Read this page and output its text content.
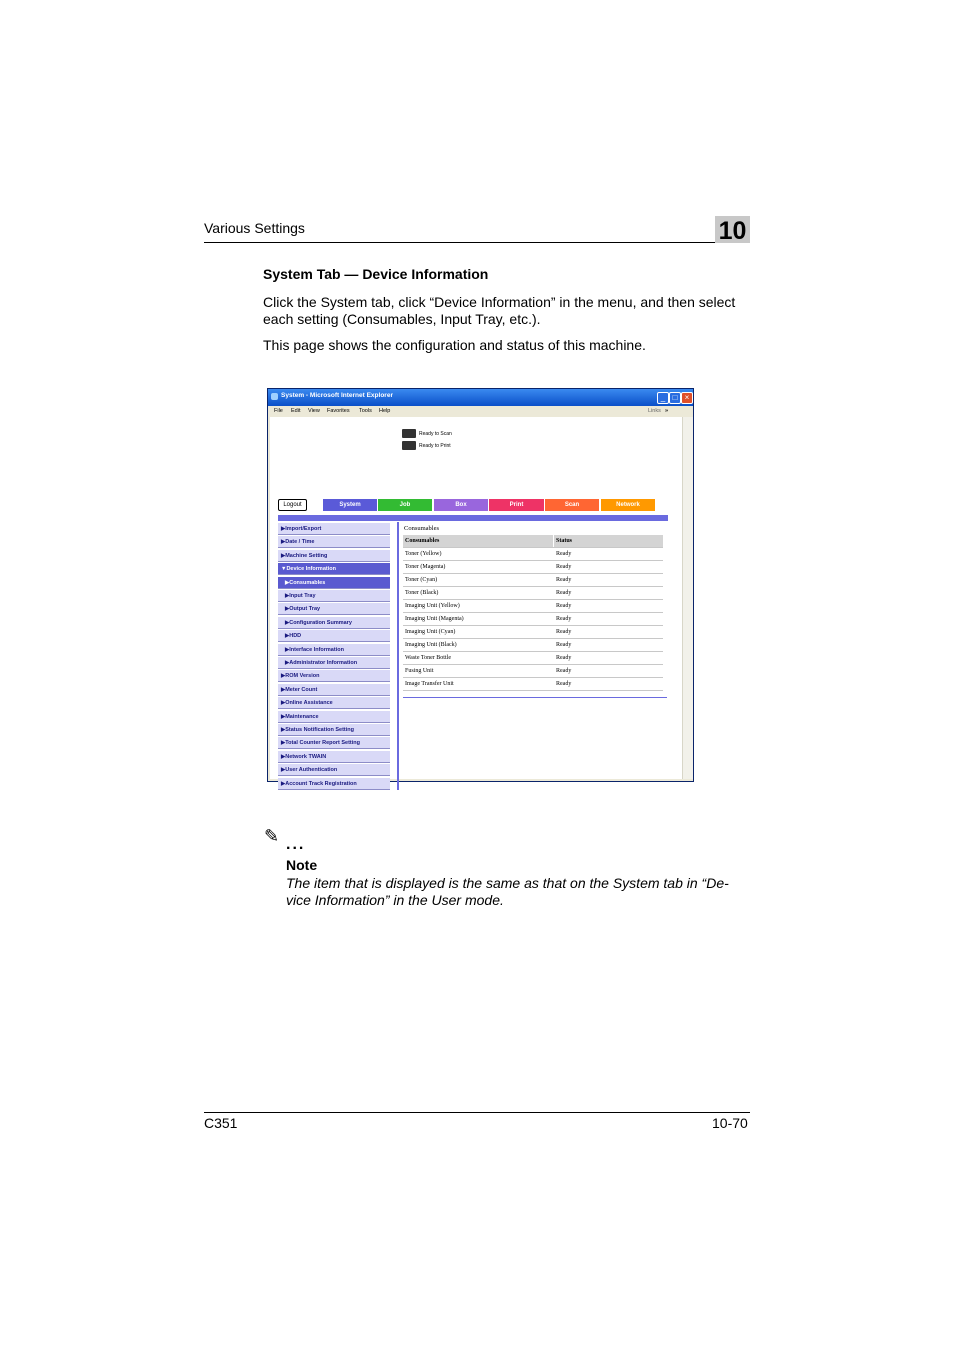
Various Settings	10
System Tab — Device Information
Click the System tab, click “Device Information” in the menu, and then select each setting (Consumables, Input Tray, etc.).
This page shows the configuration and status of this machine.
System - Microsoft Internet Explorer	_ □ ×
File Edit View Favorites Tools Help	Links »
Ready to Scan
Ready to Print
Logout	System	Job	Box	Print	Scan	Network
▶Import/Export
▶Date / Time
▶Machine Setting
▼Device Information
▶Consumables
▶Input Tray
▶Output Tray
▶Configuration Summary
▶HDD
▶Interface Information
▶Administrator Information
▶ROM Version
▶Meter Count
▶Online Assistance
▶Maintenance
▶Status Notification Setting
▶Total Counter Report Setting
▶Network TWAIN
▶User Authentication
▶Account Track Registration
Consumables
Consumables	Status
Toner (Yellow)	Ready
Toner (Magenta)	Ready
Toner (Cyan)	Ready
Toner (Black)	Ready
Imaging Unit (Yellow)	Ready
Imaging Unit (Magenta)	Ready
Imaging Unit (Cyan)	Ready
Imaging Unit (Black)	Ready
Waste Toner Bottle	Ready
Fusing Unit	Ready
Image Transfer Unit	Ready
✎ ...
Note
The item that is displayed is the same as that on the System tab in “De-vice Information” in the User mode.
C351	10-70
